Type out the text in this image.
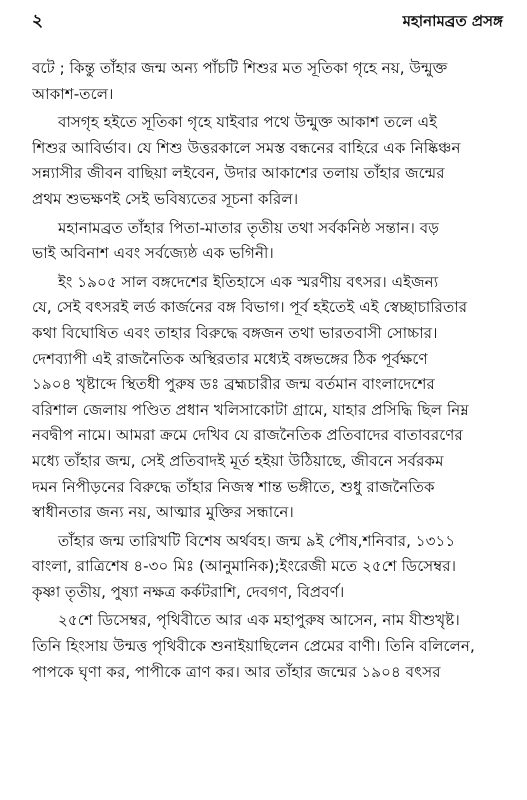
২	মহানামব্রত প্রসঙ্গ
বটে ; কিন্তু তাঁহার জন্ম অন্য পাঁচটি শিশুর মত সূতিকা গৃহে নয়, উন্মুক্ত
আকাশ-তলে।
বাসগৃহ হইতে সূতিকা গৃহে যাইবার পথে উন্মুক্ত আকাশ তলে এই
শিশুর আবির্ভাব। যে শিশু উত্তরকালে সমস্ত বন্ধনের বাহিরে এক নিষ্কিঞ্চন
সন্ন্যাসীর জীবন বাছিয়া লইবেন, উদার আকাশের তলায় তাঁহার জন্মের
প্রথম শুভক্ষণই সেই ভবিষ্যতের সূচনা করিল।
মহানামব্রত তাঁহার পিতা-মাতার তৃতীয় তথা সর্বকনিষ্ঠ সন্তান। বড়
ভাই অবিনাশ এবং সর্বজ্যেষ্ঠ এক ভগিনী।
ইং ১৯০৫ সাল বঙ্গদেশের ইতিহাসে এক স্মরণীয় বৎসর। এইজন্য
যে, সেই বৎসরই লর্ড কার্জনের বঙ্গ বিভাগ। পূর্ব হইতেই এই স্বেচ্ছাচারিতার
কথা বিঘোষিত এবং তাহার বিরুদ্ধে বঙ্গজন তথা ভারতবাসী সোচ্চার।
দেশব্যাপী এই রাজনৈতিক অস্থিরতার মধ্যেই বঙ্গভঙ্গের ঠিক পূর্বক্ষণে
১৯০৪ খৃষ্টাব্দে স্থিতধী পুরুষ ডঃ ব্রহ্মচারীর জন্ম বর্তমান বাংলাদেশের
বরিশাল জেলায় পণ্ডিত প্রধান খলিসাকোটা গ্রামে, যাহার প্রসিদ্ধি ছিল নিম্ন
নবদ্বীপ নামে। আমরা ক্রমে দেখিব যে রাজনৈতিক প্রতিবাদের বাতাবরণের
মধ্যে তাঁহার জন্ম, সেই প্রতিবাদই মূর্ত হইয়া উঠিয়াছে, জীবনে সর্বরকম
দমন নিপীড়নের বিরুদ্ধে তাঁহার নিজস্ব শান্ত ভঙ্গীতে, শুধু রাজনৈতিক
স্বাধীনতার জন্য নয়, আত্মার মুক্তির সন্ধানে।
তাঁহার জন্ম তারিখটি বিশেষ অর্থবহ। জন্ম ৯ই পৌষ,শনিবার, ১৩১১
বাংলা, রাত্রিশেষ ৪-৩০ মিঃ (আনুমানিক);ইংরেজী মতে ২৫শে ডিসেম্বর।
কৃষ্ণা তৃতীয়, পুষ্যা নক্ষত্র কর্কটরাশি, দেবগণ, বিপ্রবর্ণ।
২৫শে ডিসেম্বর, পৃথিবীতে আর এক মহাপুরুষ আসেন, নাম যীশুখৃষ্ট।
তিনি হিংসায় উন্মত্ত পৃথিবীকে শুনাইয়াছিলেন প্রেমের বাণী। তিনি বলিলেন,
পাপকে ঘৃণা কর, পাপীকে ত্রাণ কর। আর তাঁহার জন্মের ১৯০৪ বৎসর
